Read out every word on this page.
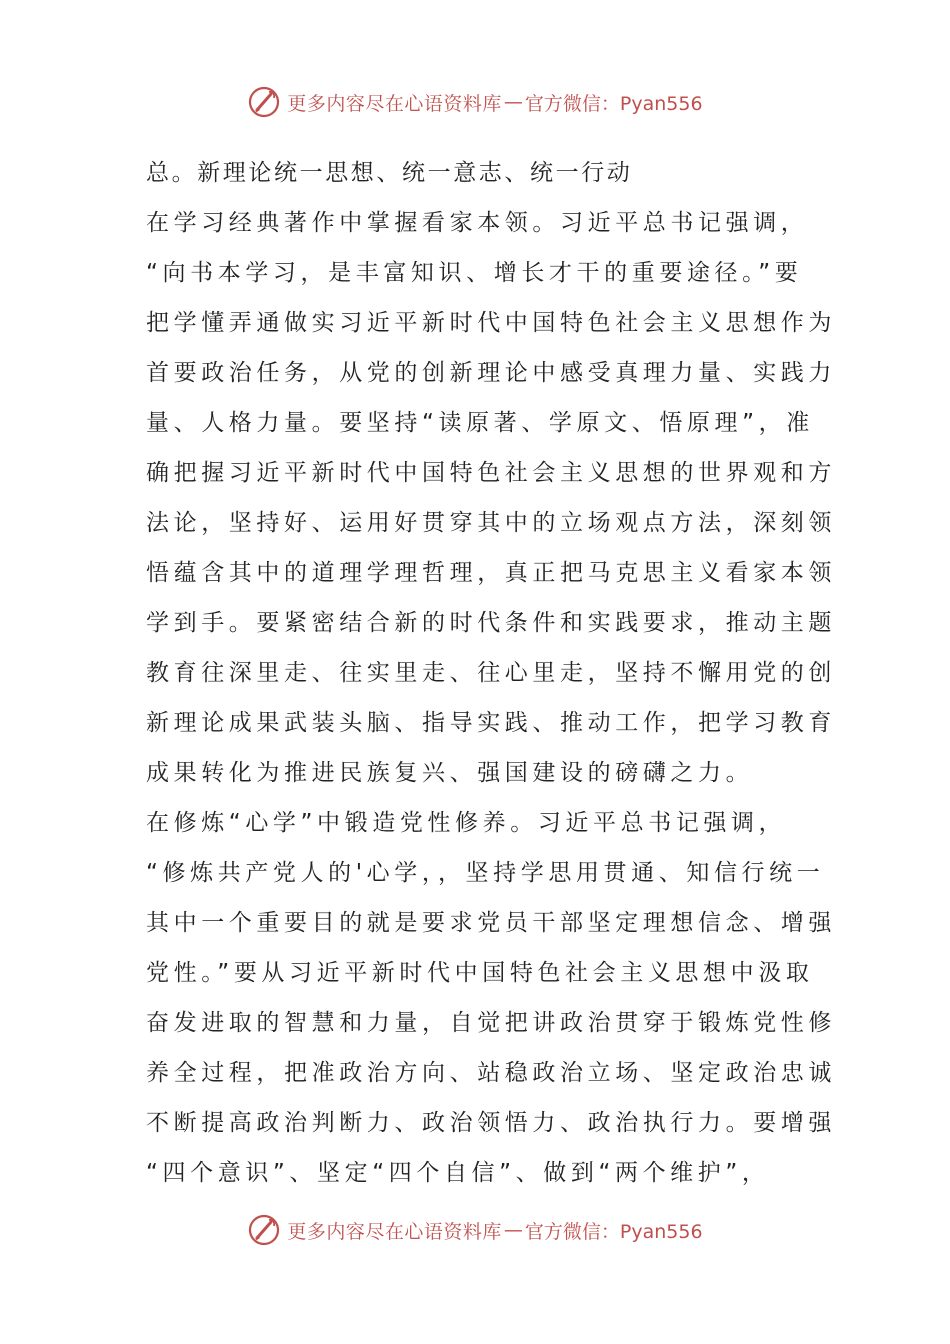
更多内容尽在心语资料库 — 官方微信：Pyan556
总。新理论统一思想、统一意志、统一行动
在学习经典著作中掌握看家本领。习近平总书记强调，
“向书本学习，是丰富知识、增长才干的重要途径。”要
把学懂弄通做实习近平新时代中国特色社会主义思想作为
首要政治任务，从党的创新理论中感受真理力量、实践力
量、人格力量。要坚持“读原著、学原文、悟原理”，准
确把握习近平新时代中国特色社会主义思想的世界观和方
法论，坚持好、运用好贯穿其中的立场观点方法，深刻领
悟蕴含其中的道理学理哲理，真正把马克思主义看家本领
学到手。要紧密结合新的时代条件和实践要求，推动主题
教育往深里走、往实里走、往心里走，坚持不懈用党的创
新理论成果武装头脑、指导实践、推动工作，把学习教育
成果转化为推进民族复兴、强国建设的磅礴之力。
在修炼“心学”中锻造党性修养。习近平总书记强调，
“修炼共产党人的'心学，，坚持学思用贯通、知信行统一
其中一个重要目的就是要求党员干部坚定理想信念、增强
党性。”要从习近平新时代中国特色社会主义思想中汲取
奋发进取的智慧和力量，自觉把讲政治贯穿于锻炼党性修
养全过程，把准政治方向、站稳政治立场、坚定政治忠诚
不断提高政治判断力、政治领悟力、政治执行力。要增强
“四个意识”、坚定“四个自信”、做到“两个维护”，
更多内容尽在心语资料库 — 官方微信：Pyan556
